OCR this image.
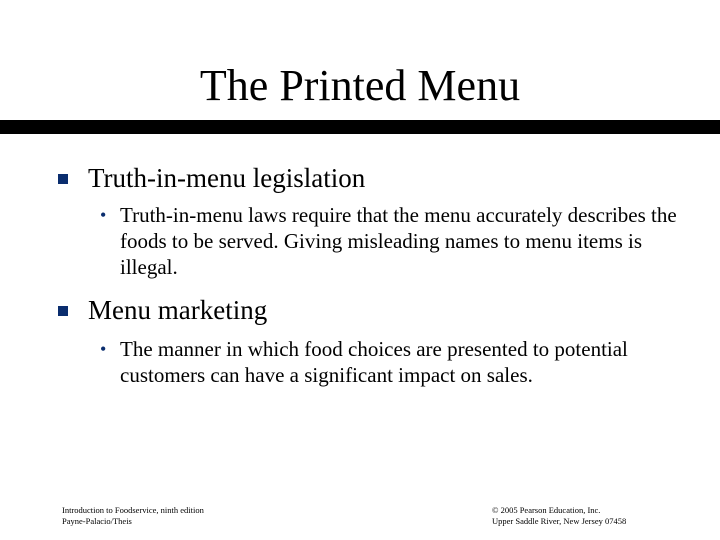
The Printed Menu
Truth-in-menu legislation
• Truth-in-menu laws require that the menu accurately describes the foods to be served. Giving misleading names to menu items is illegal.
Menu marketing
• The manner in which food choices are presented to potential customers can have a significant impact on sales.
Introduction to Foodservice, ninth edition
Payne-Palacio/Theis
© 2005 Pearson Education, Inc.
Upper Saddle River, New Jersey 07458
